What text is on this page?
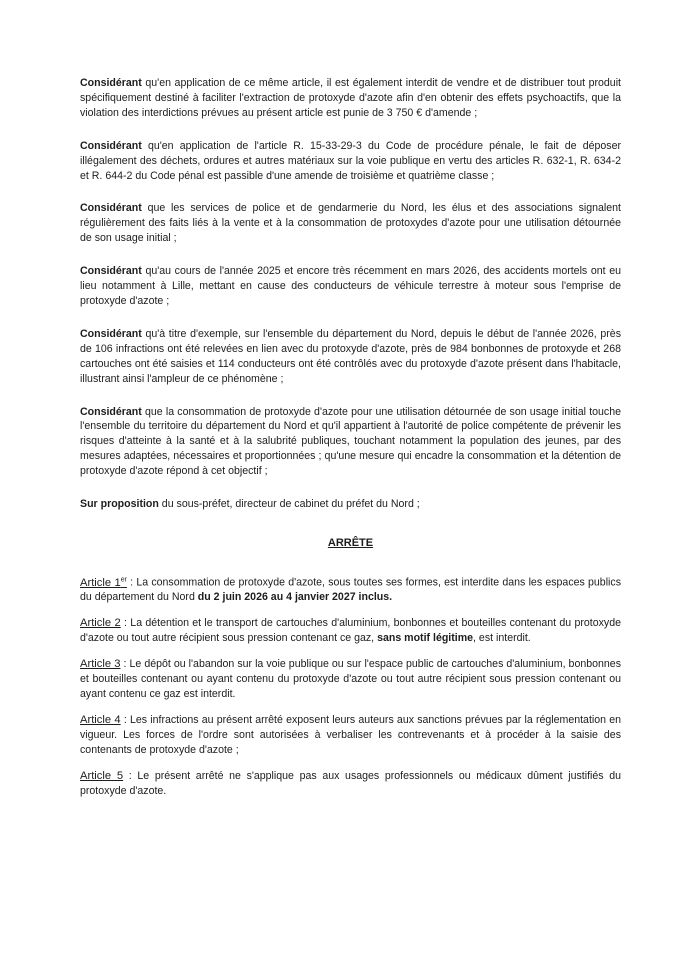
Considérant qu'en application de ce même article, il est également interdit de vendre et de distribuer tout produit spécifiquement destiné à faciliter l'extraction de protoxyde d'azote afin d'en obtenir des effets psychoactifs, que la violation des interdictions prévues au présent article est punie de 3 750 € d'amende ;

Considérant qu'en application de l'article R. 15-33-29-3 du Code de procédure pénale, le fait de déposer illégalement des déchets, ordures et autres matériaux sur la voie publique en vertu des articles R. 632-1, R. 634-2 et R. 644-2 du Code pénal est passible d'une amende de troisième et quatrième classe ;

Considérant que les services de police et de gendarmerie du Nord, les élus et des associations signalent régulièrement des faits liés à la vente et à la consommation de protoxydes d'azote pour une utilisation détournée de son usage initial ;

Considérant qu'au cours de l'année 2025 et encore très récemment en mars 2026, des accidents mortels ont eu lieu notamment à Lille, mettant en cause des conducteurs de véhicule terrestre à moteur sous l'emprise de protoxyde d'azote ;

Considérant qu'à titre d'exemple, sur l'ensemble du département du Nord, depuis le début de l'année 2026, près de 106 infractions ont été relevées en lien avec du protoxyde d'azote, près de 984 bonbonnes de protoxyde et 268 cartouches ont été saisies et 114 conducteurs ont été contrôlés avec du protoxyde d'azote présent dans l'habitacle, illustrant ainsi l'ampleur de ce phénomène ;

Considérant que la consommation de protoxyde d'azote pour une utilisation détournée de son usage initial touche l'ensemble du territoire du département du Nord et qu'il appartient à l'autorité de police compétente de prévenir les risques d'atteinte à la santé et à la salubrité publiques, touchant notamment la population des jeunes, par des mesures adaptées, nécessaires et proportionnées ; qu'une mesure qui encadre la consommation et la détention de protoxyde d'azote répond à cet objectif ;

Sur proposition du sous-préfet, directeur de cabinet du préfet du Nord ;

ARRÊTE

Article 1er : La consommation de protoxyde d'azote, sous toutes ses formes, est interdite dans les espaces publics du département du Nord du 2 juin 2026 au 4 janvier 2027 inclus.

Article 2 : La détention et le transport de cartouches d'aluminium, bonbonnes et bouteilles contenant du protoxyde d'azote ou tout autre récipient sous pression contenant ce gaz, sans motif légitime, est interdit.

Article 3 : Le dépôt ou l'abandon sur la voie publique ou sur l'espace public de cartouches d'aluminium, bonbonnes et bouteilles contenant ou ayant contenu du protoxyde d'azote ou tout autre récipient sous pression contenant ou ayant contenu ce gaz est interdit.

Article 4 : Les infractions au présent arrêté exposent leurs auteurs aux sanctions prévues par la réglementation en vigueur. Les forces de l'ordre sont autorisées à verbaliser les contrevenants et à procéder à la saisie des contenants de protoxyde d'azote ;

Article 5 : Le présent arrêté ne s'applique pas aux usages professionnels ou médicaux dûment justifiés du protoxyde d'azote.
